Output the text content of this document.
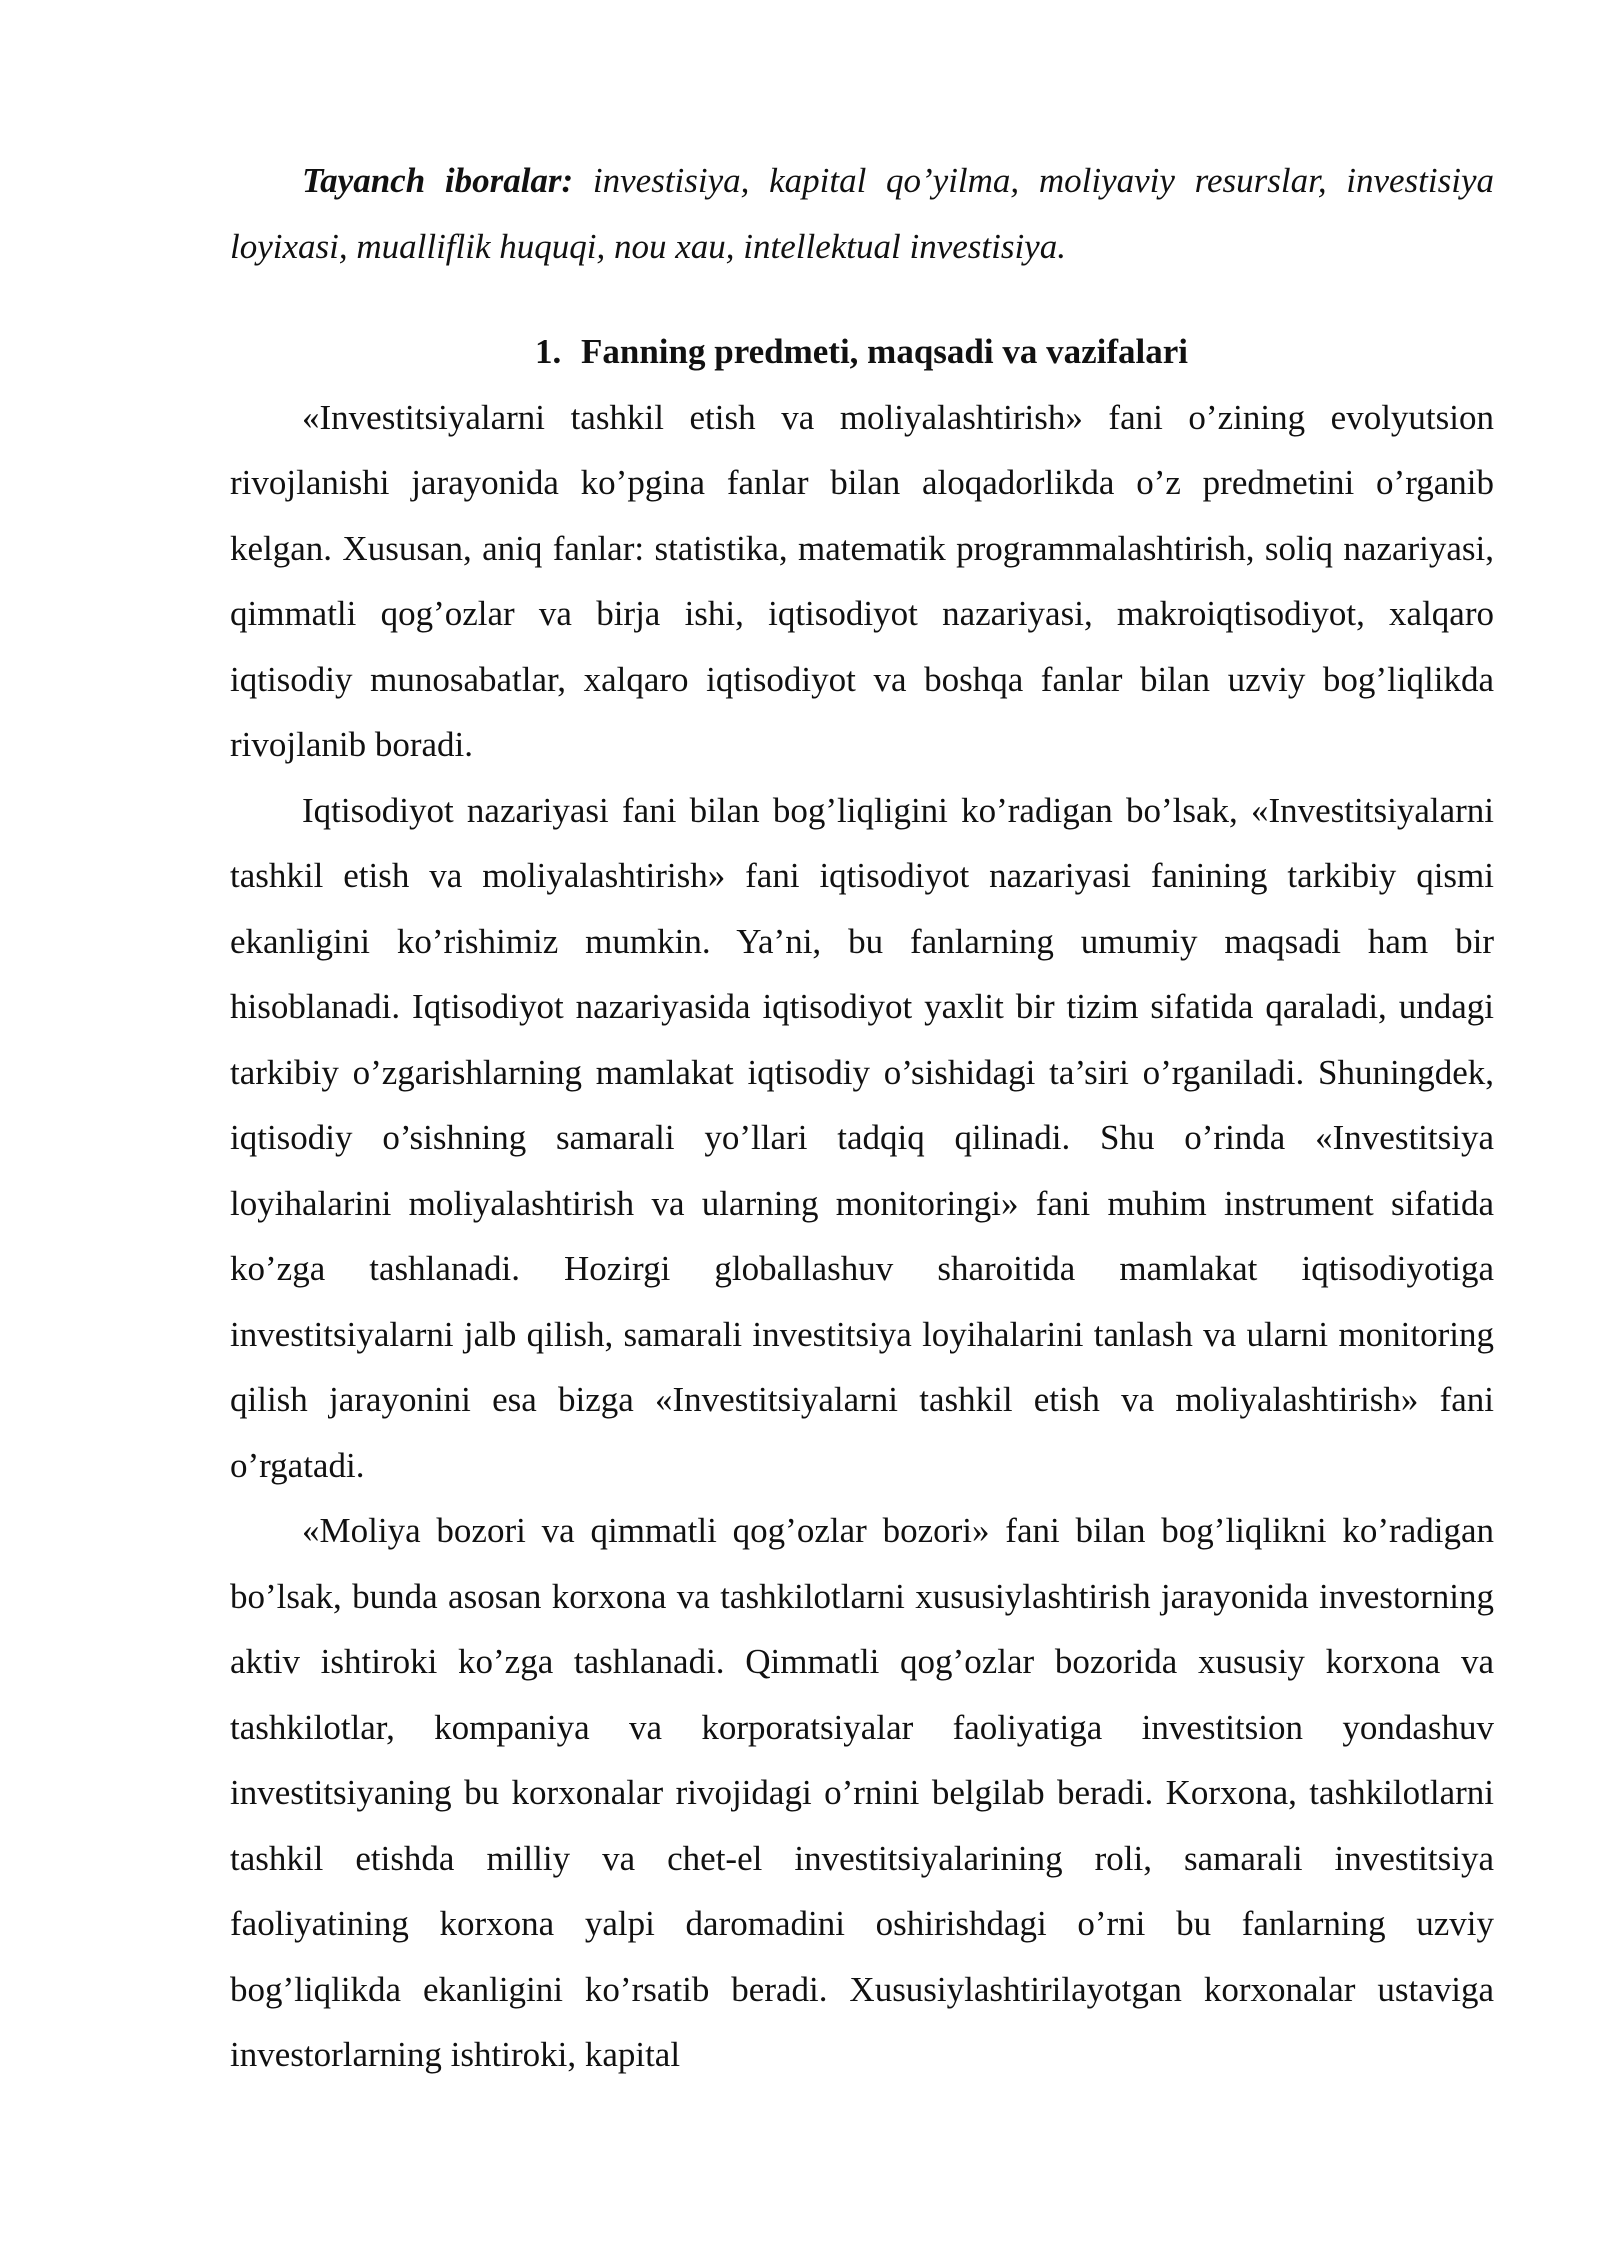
Tayanch iboralar: investisiya, kapital qo’yilma, moliyaviy resurslar, investisiya loyixasi, mualliflik huquqi, nou xau, intellektual investisiya.

1. Fanning predmeti, maqsadi va vazifalari

«Investitsiyalarni tashkil etish va moliyalashtirish» fani o’zining evolyutsion rivojlanishi jarayonida ko’pgina fanlar bilan aloqadorlikda o’z predmetini o’rganib kelgan. Xususan, aniq fanlar: statistika, matematik programmalashtirish, soliq nazariyasi, qimmatli qog’ozlar va birja ishi, iqtisodiyot nazariyasi, makroiqtisodiyot, xalqaro iqtisodiy munosabatlar, xalqaro iqtisodiyot va boshqa fanlar bilan uzviy bog’liqlikda rivojlanib boradi.

Iqtisodiyot nazariyasi fani bilan bog’liqligini ko’radigan bo’lsak, «Investitsiyalarni tashkil etish va moliyalashtirish» fani iqtisodiyot nazariyasi fanining tarkibiy qismi ekanligini ko’rishimiz mumkin. Ya’ni, bu fanlarning umumiy maqsadi ham bir hisoblanadi. Iqtisodiyot nazariyasida iqtisodiyot yaxlit bir tizim sifatida qaraladi, undagi tarkibiy o’zgarishlarning mamlakat iqtisodiy o’sishidagi ta’siri o’rganiladi. Shuningdek, iqtisodiy o’sishning samarali yo’llari tadqiq qilinadi. Shu o’rinda «Investitsiya loyihalarini moliyalashtirish va ularning monitoringi» fani muhim instrument sifatida ko’zga tashlanadi. Hozirgi globallashuv sharoitida mamlakat iqtisodiyotiga investitsiyalarni jalb qilish, samarali investitsiya loyihalarini tanlash va ularni monitoring qilish jarayonini esa bizga «Investitsiyalarni tashkil etish va moliyalashtirish» fani o’rgatadi.

«Moliya bozori va qimmatli qog’ozlar bozori» fani bilan bog’liqlikni ko’radigan bo’lsak, bunda asosan korxona va tashkilotlarni xususiylashtirish jarayonida investorning aktiv ishtiroki ko’zga tashlanadi. Qimmatli qog’ozlar bozorida xususiy korxona va tashkilotlar, kompaniya va korporatsiyalar faoliyatiga investitsion yondashuv investitsiyaning bu korxonalar rivojidagi o’rnini belgilab beradi. Korxona, tashkilotlarni tashkil etishda milliy va chet-el investitsiyalarining roli, samarali investitsiya faoliyatining korxona yalpi daromadini oshirishdagi o’rni bu fanlarning uzviy bog’liqlikda ekanligini ko’rsatib beradi. Xususiylashtirilayotgan korxonalar ustaviga investorlarning ishtiroki, kapital
